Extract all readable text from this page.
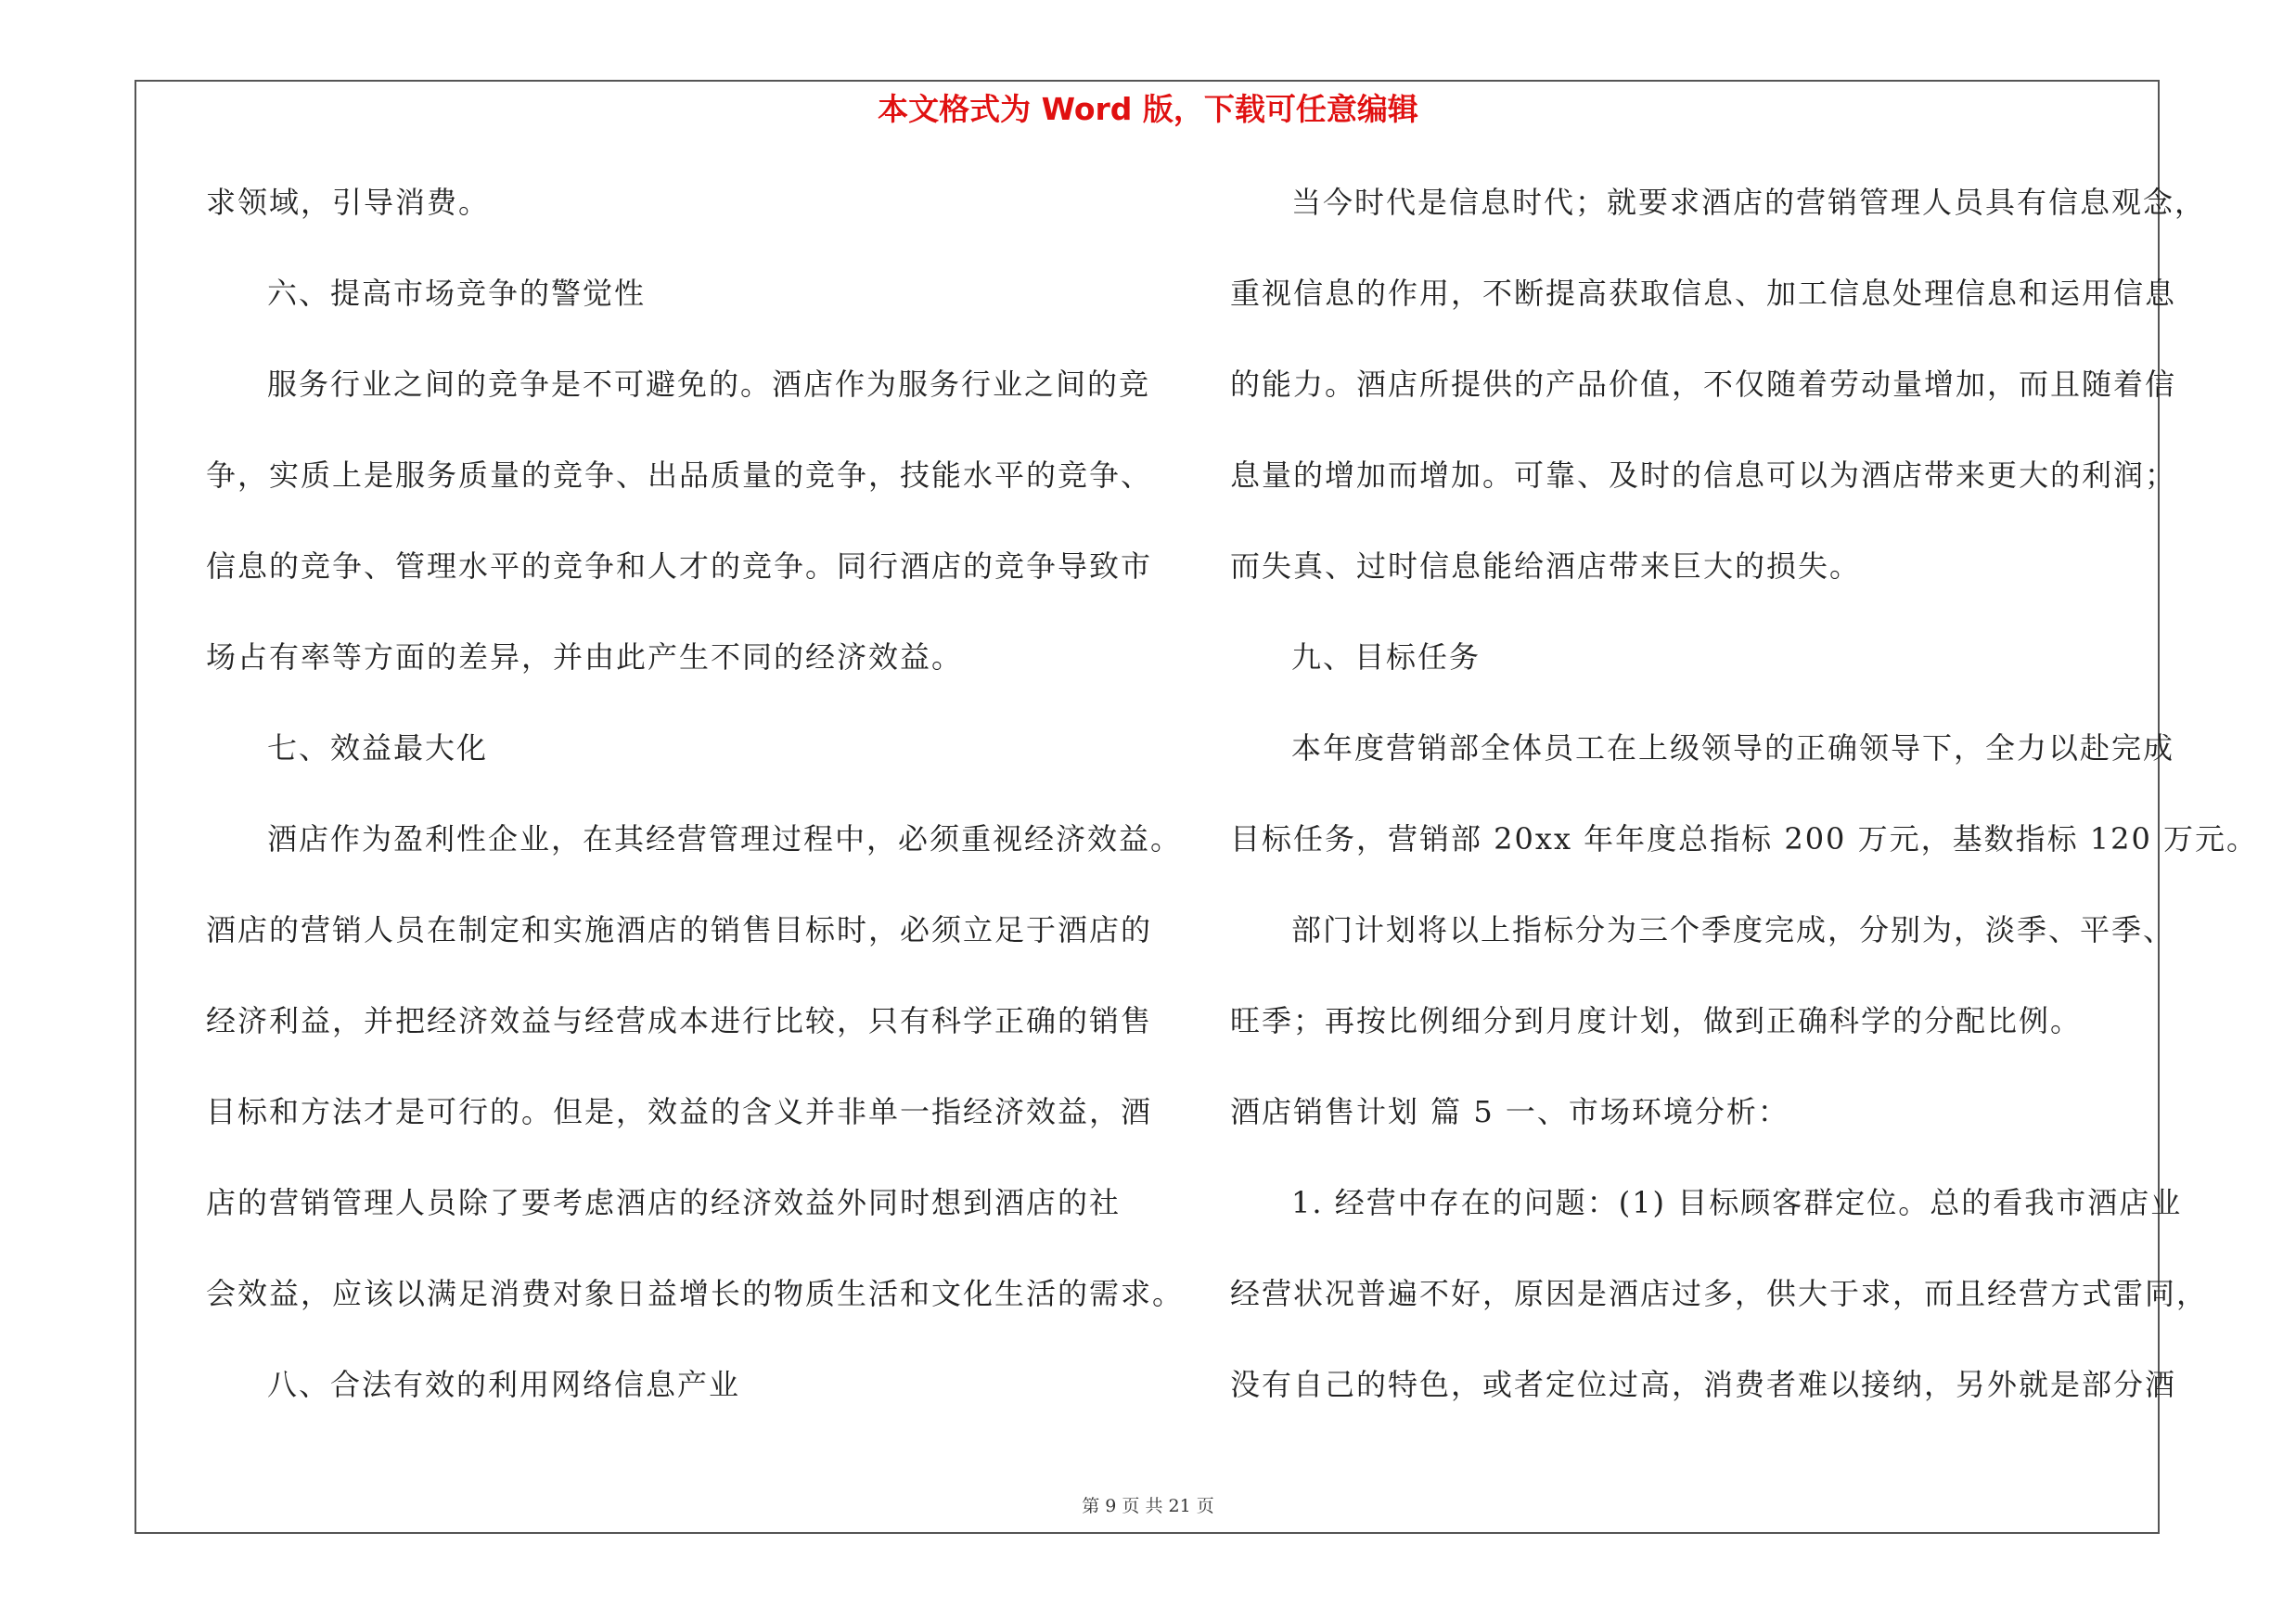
本文格式为 Word 版，下载可任意编辑
求领域，引导消费。
六、提高市场竞争的警觉性
服务行业之间的竞争是不可避免的。酒店作为服务行业之间的竞
争，实质上是服务质量的竞争、出品质量的竞争，技能水平的竞争、
信息的竞争、管理水平的竞争和人才的竞争。同行酒店的竞争导致市
场占有率等方面的差异，并由此产生不同的经济效益。
七、效益最大化
酒店作为盈利性企业，在其经营管理过程中，必须重视经济效益。
酒店的营销人员在制定和实施酒店的销售目标时，必须立足于酒店的
经济利益，并把经济效益与经营成本进行比较，只有科学正确的销售
目标和方法才是可行的。但是，效益的含义并非单一指经济效益，酒
店的营销管理人员除了要考虑酒店的经济效益外同时想到酒店的社
会效益，应该以满足消费对象日益增长的物质生活和文化生活的需求。
八、合法有效的利用网络信息产业
当今时代是信息时代；就要求酒店的营销管理人员具有信息观念，
重视信息的作用，不断提高获取信息、加工信息处理信息和运用信息
的能力。酒店所提供的产品价值，不仅随着劳动量增加，而且随着信
息量的增加而增加。可靠、及时的信息可以为酒店带来更大的利润；
而失真、过时信息能给酒店带来巨大的损失。
九、目标任务
本年度营销部全体员工在上级领导的正确领导下，全力以赴完成
目标任务，营销部 20xx 年年度总指标 200 万元，基数指标 120 万元。
部门计划将以上指标分为三个季度完成，分别为，淡季、平季、
旺季；再按比例细分到月度计划，做到正确科学的分配比例。
酒店销售计划 篇 5 一、市场环境分析：
1. 经营中存在的问题：(1) 目标顾客群定位。总的看我市酒店业
经营状况普遍不好，原因是酒店过多，供大于求，而且经营方式雷同，
没有自己的特色，或者定位过高，消费者难以接纳，另外就是部分酒
第 9 页 共 21 页
